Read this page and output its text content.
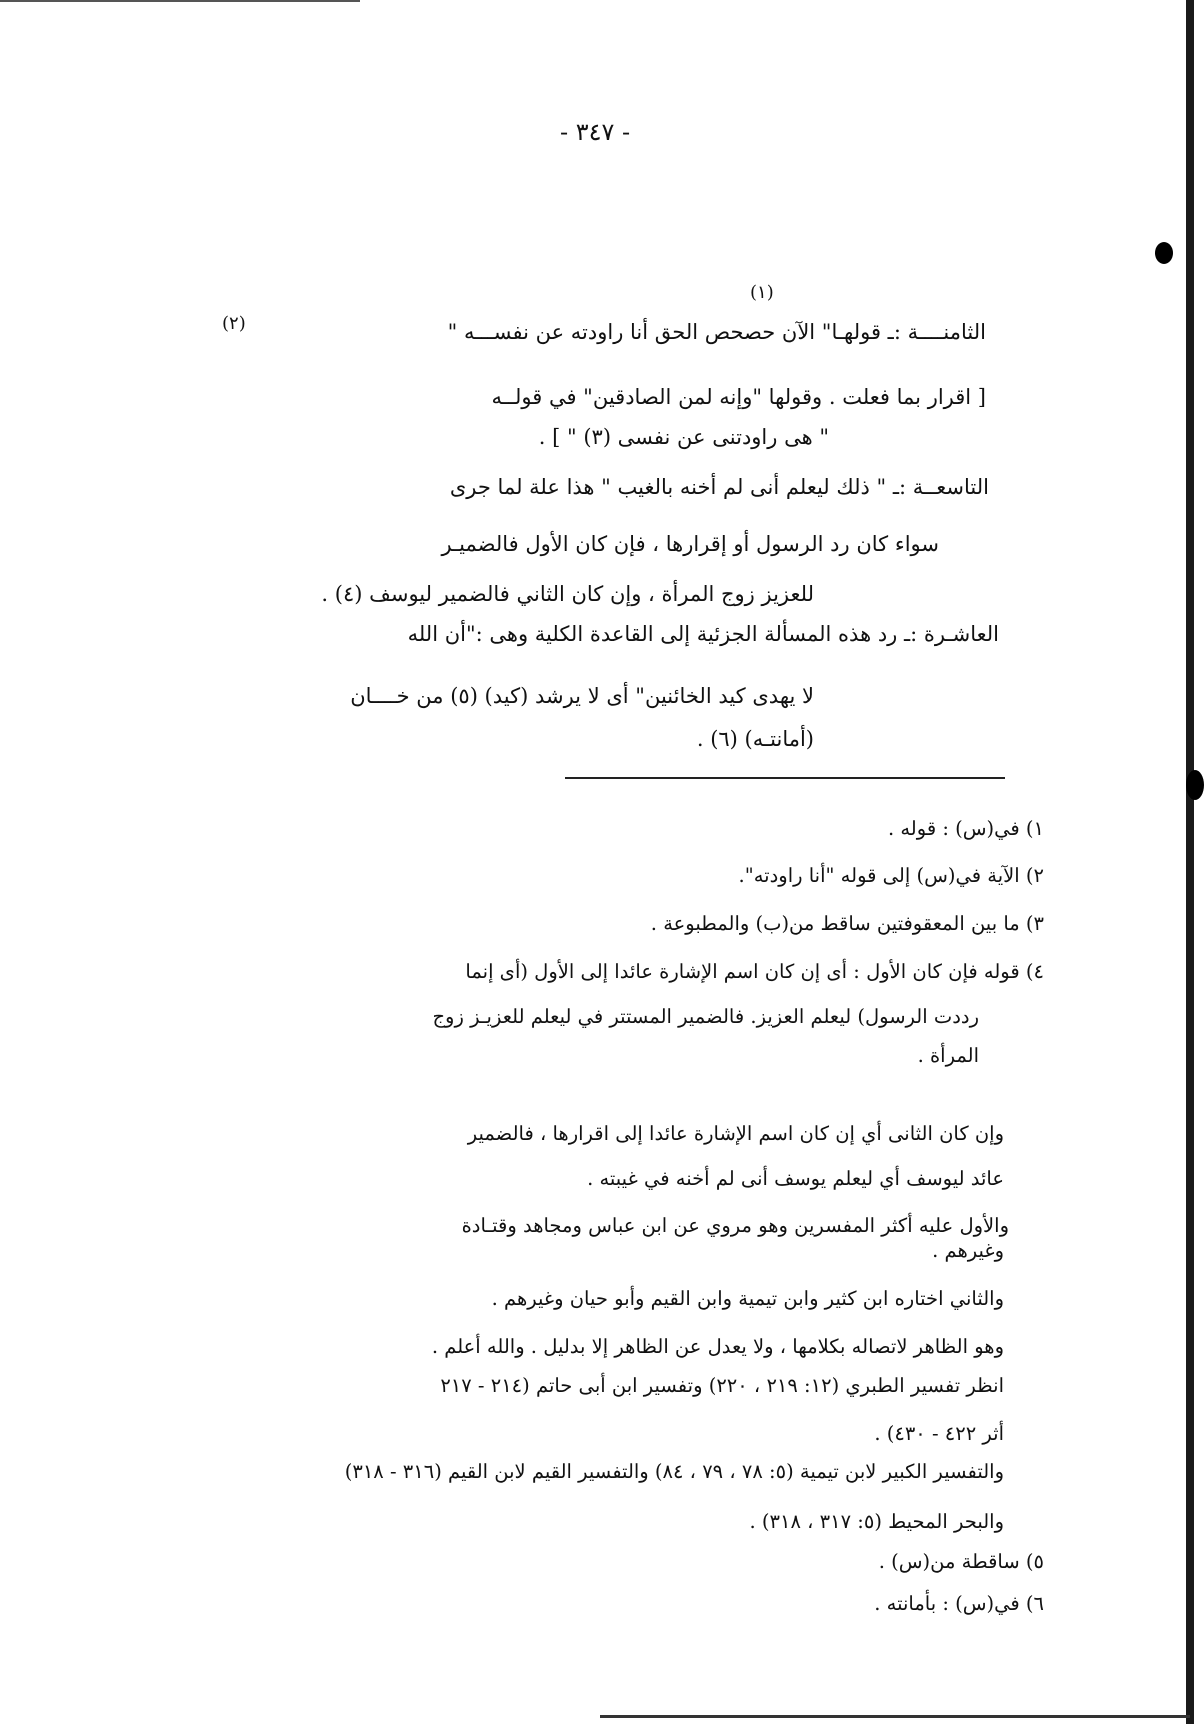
- ٣٤٧ -
(١)
(٢)	الثامنــــة :ـ قولهـا" الآن حصحص الحق أنا راودته عن نفســـه "
[ اقرار بما فعلت . وقولها "وإنه لمن الصادقين" في قولــه
" هى راودتنى عن نفسى (٣) " ] .
التاسعــة :ـ " ذلك ليعلم أنى لم أخنه بالغيب " هذا علة لما جرى
سواء كان رد الرسول أو إقرارها ، فإن كان الأول فالضميـر
للعزيز زوج المرأة ، وإن كان الثاني فالضمير ليوسف (٤) .
العاشـرة :ـ رد هذه المسألة الجزئية إلى القاعدة الكلية وهى :"أن الله
لا يهدى كيد الخائنين" أى لا يرشد (كيد) (٥) من خــــان
(أمانتـه) (٦) .
١) في(س) : قوله .
٢) الآية في(س) إلى قوله "أنا راودته".
٣) ما بين المعقوفتين ساقط من(ب) والمطبوعة .
٤) قوله فإن كان الأول : أى إن كان اسم الإشارة عائدا إلى الأول (أى إنما
رددت الرسول) ليعلم العزيز. فالضمير المستتر في ليعلم للعزيـز زوج
المرأة .
وإن كان الثانى أي إن كان اسم الإشارة عائدا إلى اقرارها ، فالضمير
عائد ليوسف أي ليعلم يوسف أنى لم أخنه في غيبته .
والأول عليه أكثر المفسرين وهو مروي عن ابن عباس ومجاهد وقتـادة
وغيرهم .
والثاني اختاره ابن كثير وابن تيمية وابن القيم وأبو حيان وغيرهم .
وهو الظاهر لاتصاله بكلامها ، ولا يعدل عن الظاهر إلا بدليل . والله أعلم .
انظر تفسير الطبري (١٢: ٢١٩ ، ٢٢٠) وتفسير ابن أبى حاتم (٢١٤ - ٢١٧
أثر ٤٢٢ - ٤٣٠) .
والتفسير الكبير لابن تيمية (٥: ٧٨ ، ٧٩ ، ٨٤) والتفسير القيم لابن القيم (٣١٦ - ٣١٨)
والبحر المحيط (٥: ٣١٧ ، ٣١٨) .
٥) ساقطة من(س) .
٦) في(س) : بأمانته .
